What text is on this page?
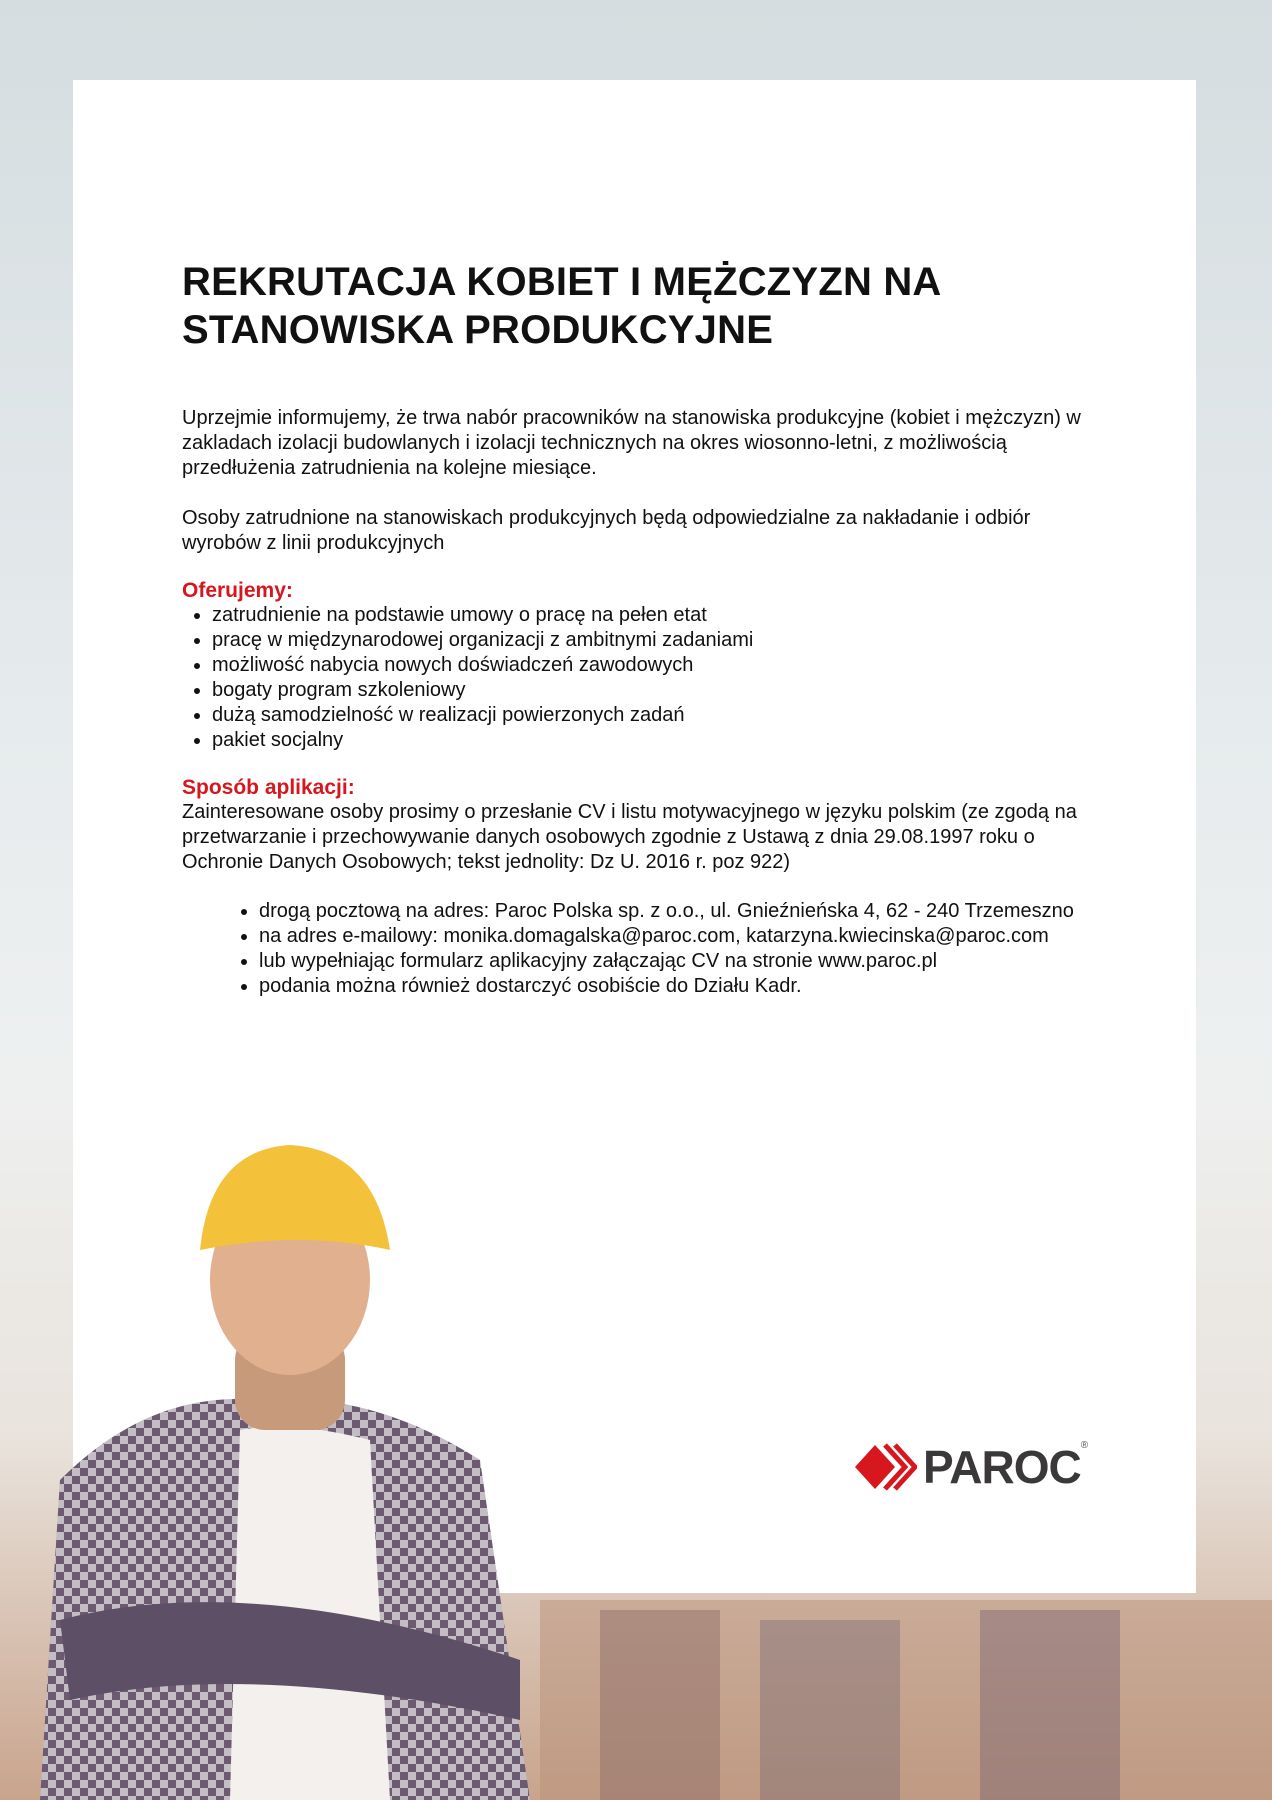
REKRUTACJA KOBIET I MĘŻCZYZN NA STANOWISKA PRODUKCYJNE

Uprzejmie informujemy, że trwa nabór pracowników na stanowiska produkcyjne (kobiet i mężczyzn) w zakladach izolacji budowlanych i izolacji technicznych na okres wiosonno-letni, z możliwością przedłużenia zatrudnienia na kolejne miesiące.

Osoby zatrudnione na stanowiskach produkcyjnych będą odpowiedzialne za nakładanie i odbiór wyrobów z linii produkcyjnych

Oferujemy:

• zatrudnienie na podstawie umowy o pracę na pełen etat
• pracę w międzynarodowej organizacji z ambitnymi zadaniami
• możliwość nabycia nowych doświadczeń zawodowych
• bogaty program szkoleniowy
• dużą samodzielność w realizacji powierzonych zadań
• pakiet socjalny

Sposób aplikacji:

Zainteresowane osoby prosimy o przesłanie CV i listu motywacyjnego w języku polskim (ze zgodą na przetwarzanie i przechowywanie danych osobowych zgodnie z Ustawą z dnia 29.08.1997 roku o Ochronie Danych Osobowych; tekst jednolity: Dz U. 2016 r. poz 922)

• drogą pocztową na adres: Paroc Polska sp. z o.o., ul. Gnieźnieńska 4, 62 - 240 Trzemeszno
• na adres e-mailowy: monika.domagalska@paroc.com, katarzyna.kwiecinska@paroc.com
• lub wypełniając formularz aplikacyjny załączając CV na stronie www.paroc.pl
• podania można również dostarczyć osobiście do Działu Kadr.
PAROC®
